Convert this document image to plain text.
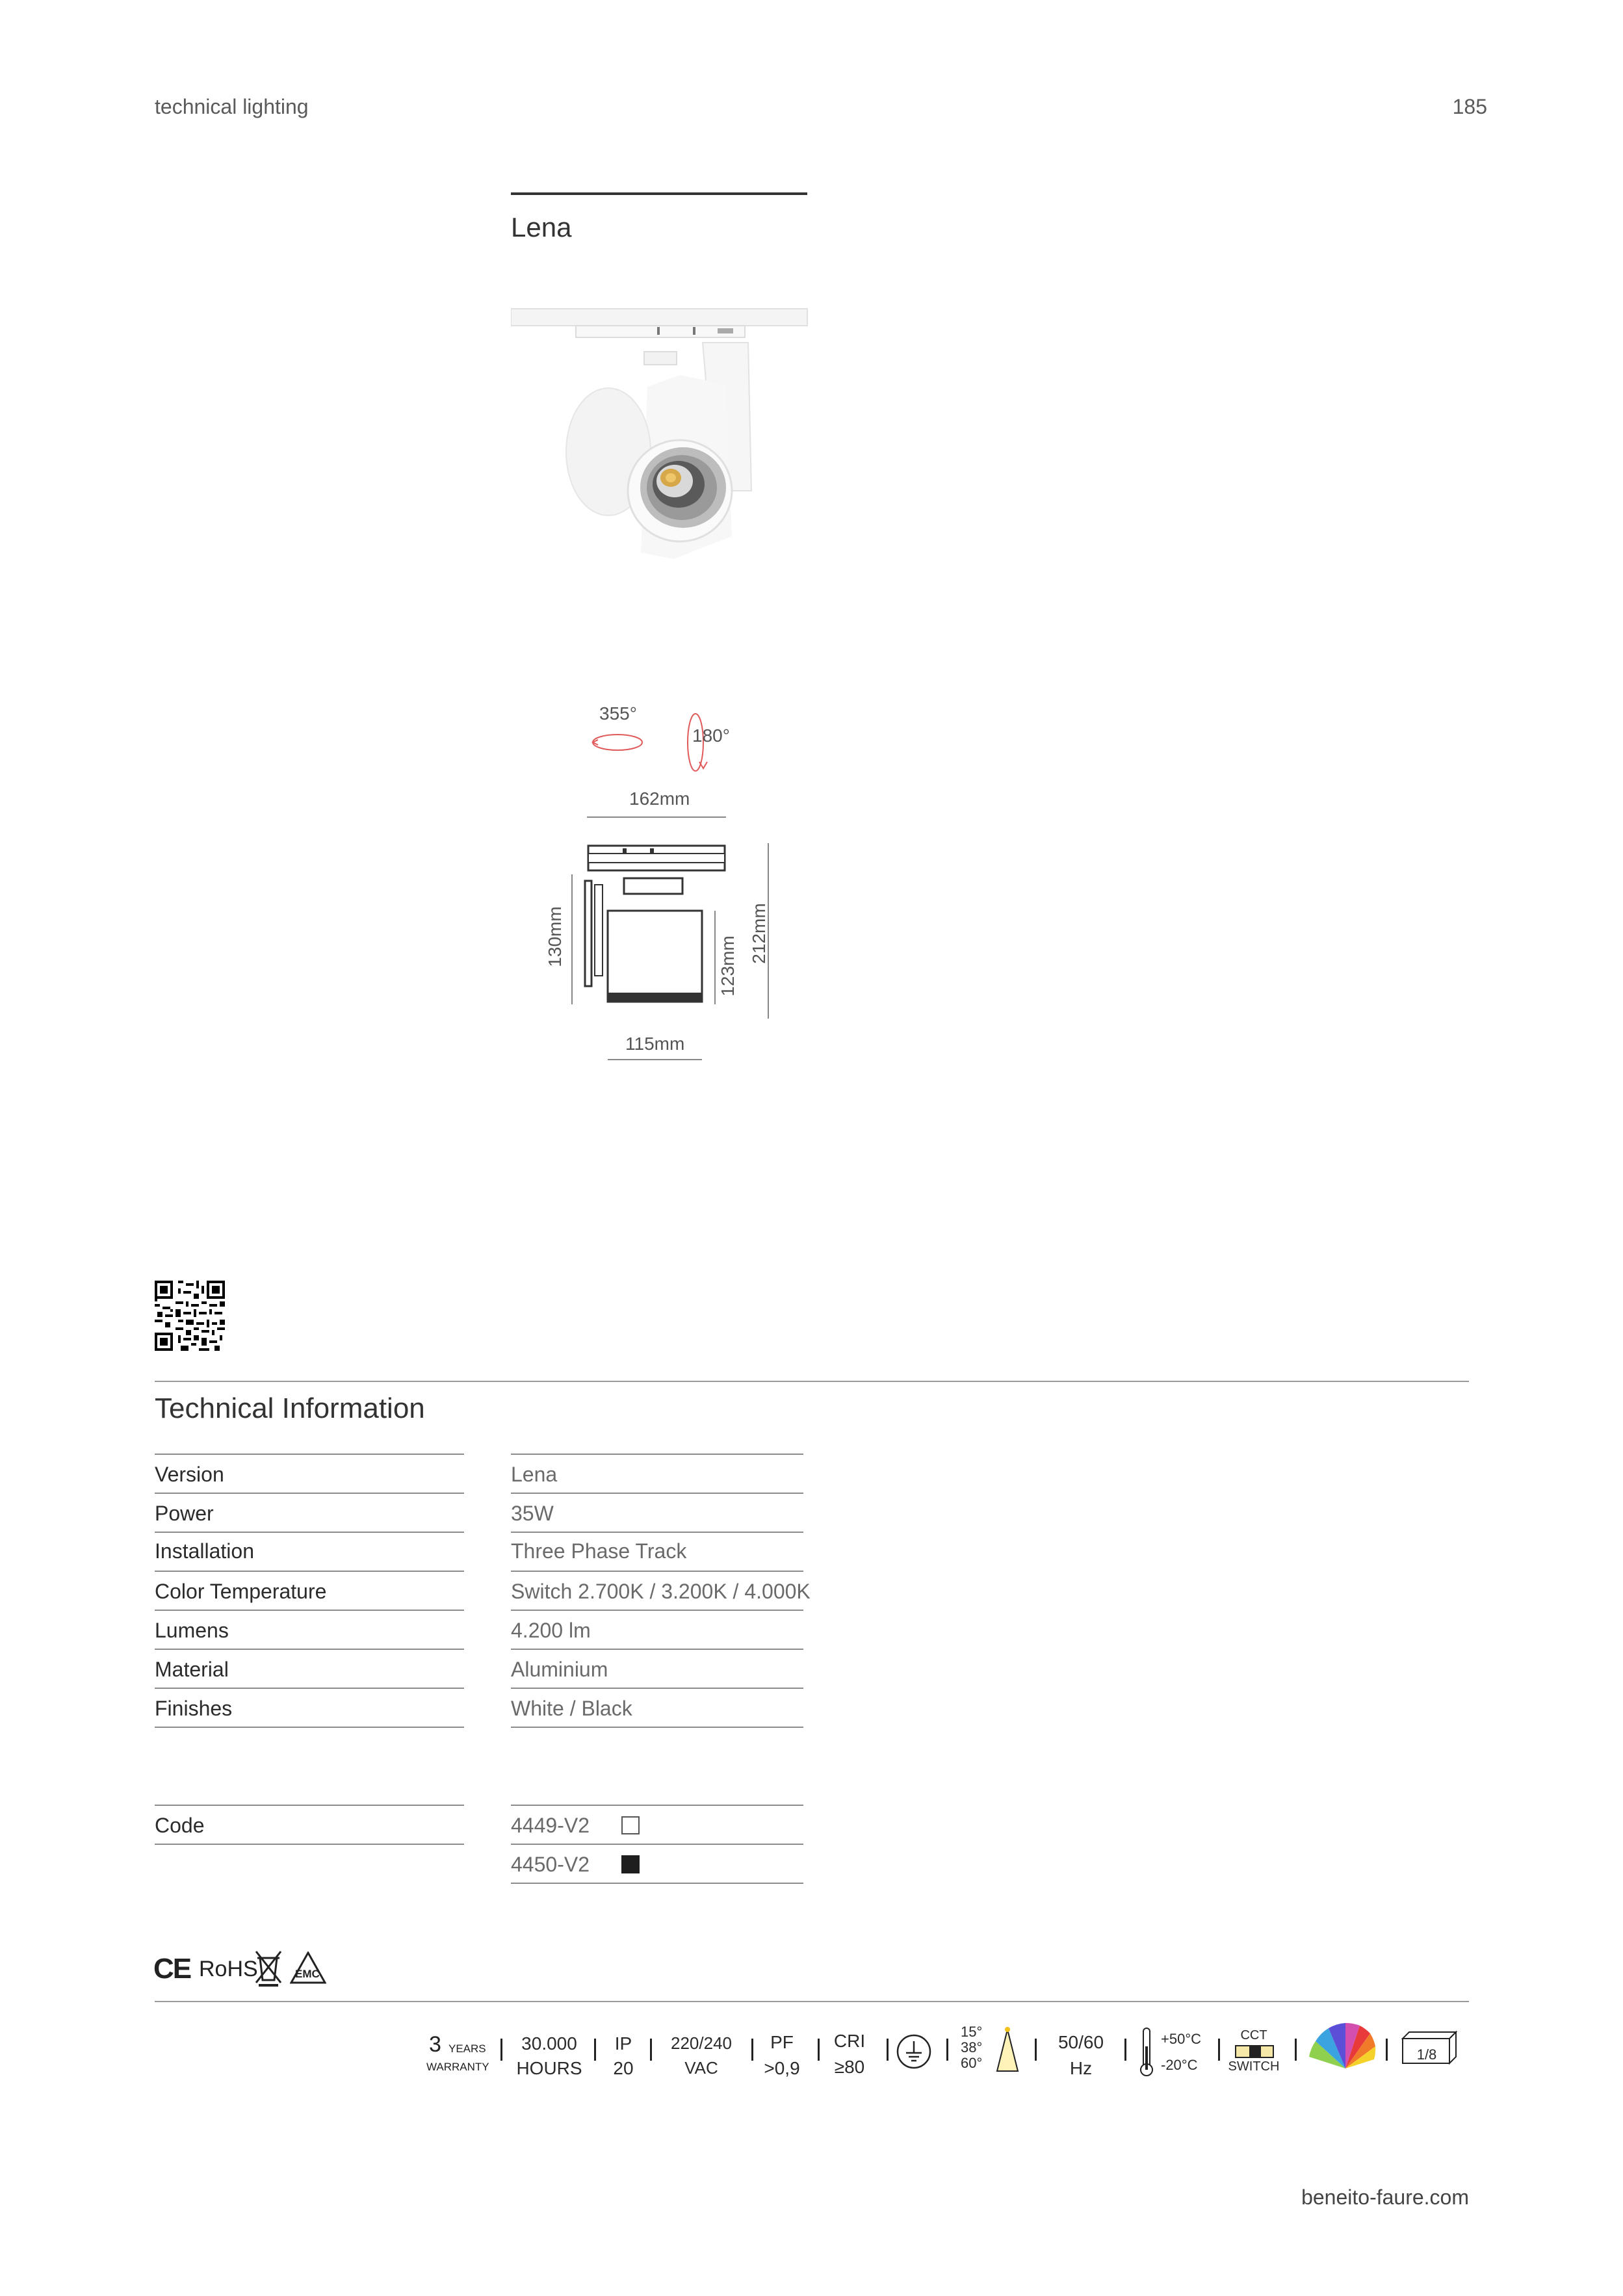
technical lighting	185
Lena
355°
180°
162mm
115mm
130mm	123mm
212mm
Technical Information
Version	Lena
Power	35W
Installation	Three Phase Track
Color Temperature	Switch 2.700K / 3.200K / 4.000K
Lumens	4.200 lm
Material	Aluminium
Finishes	White / Black
Code	4449-V2
4450-V2
CE RoHS	EMC
3 YEARS
WARRANTY
30.000
HOURS
IP
20
220/240
VAC
PF
>0,9
CRI
≥80
15°
38°
60°
50/60
Hz
+50°C
-20°C
CCT
SWITCH
1/8
beneito-faure.com
